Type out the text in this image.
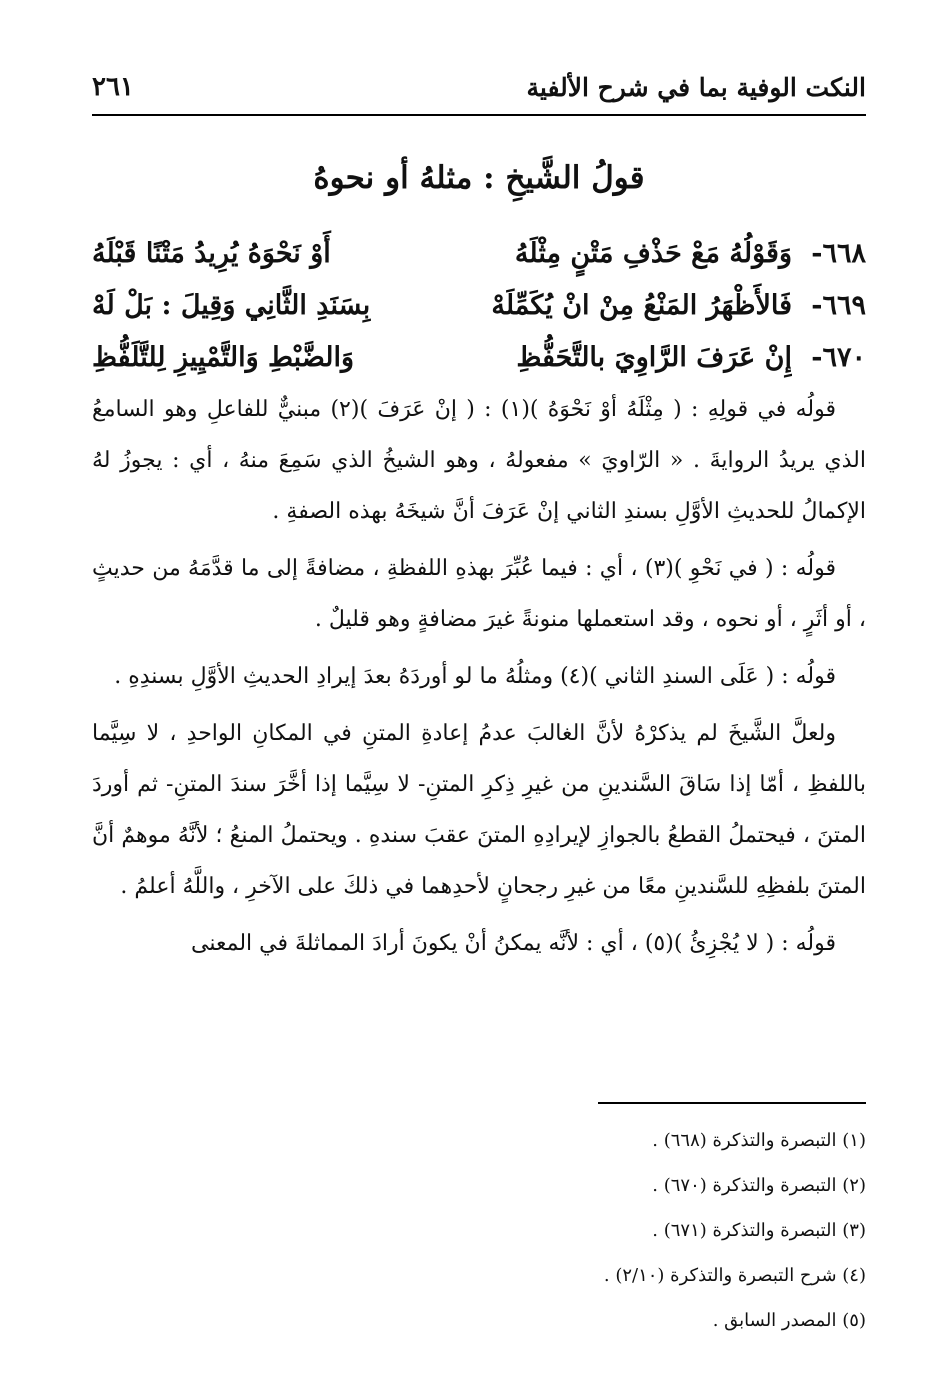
النكت الوفية بما في شرح الألفية
٢٦١
قولُ الشَّيخِ : مثلهُ أو نحوهُ
٦٦٨-
وَقَوْلُهُ مَعْ حَذْفِ مَتْنٍ مِثْلَهُ
أَوْ نَحْوَهُ يُرِيدُ مَتْنًا قَبْلَهُ
٦٦٩-
فَالأَظْهَرُ المَنْعُ مِنْ انْ يُكَمِّلَهْ
بِسَنَدِ الثَّانِي وَقِيلَ : بَلْ لَهْ
٦٧٠-
إِنْ عَرَفَ الرَّاوِيَ بالتَّحَفُّظِ
وَالضَّبْطِ وَالتَّمْيِيزِ لِلتَّلَفُّظِ

قولُه في قولِهِ : ( مِثْلَهُ أوْ نَحْوَهُ )(١) : ( إنْ عَرَفَ )(٢) مبنيٌّ للفاعلِ وهو السامعُ الذي يريدُ الروايةَ . « الرّاويَ » مفعولهُ ، وهو الشيخُ الذي سَمِعَ منهُ ، أي : يجوزُ لهُ الإكمالُ للحديثِ الأوَّلِ بسندِ الثاني إنْ عَرَفَ أنَّ شيخَهُ بهذه الصفةِ .

قولُه : ( في نَحْوِ )(٣) ، أي : فيما عُبِّرَ بهذهِ اللفظةِ ، مضافةً إلى ما قدَّمَهُ من حديثٍ ، أو أثَرٍ ، أو نحوه ، وقد استعملها منونةً غيرَ مضافةٍ وهو قليلٌ .

قولُه : ( عَلَى السندِ الثاني )(٤) ومثلُهُ ما لو أوردَهُ بعدَ إيرادِ الحديثِ الأوَّلِ بسندِهِ .

ولعلَّ الشَّيخَ لم يذكرْهُ لأنَّ الغالبَ عدمُ إعادةِ المتنِ في المكانِ الواحدِ ، لا سِيَّما باللفظِ ، أمّا إذا سَاقَ السَّندينِ من غيرِ ذِكرِ المتنِ- لا سِيَّما إذا أخَّرَ سندَ المتنِ- ثم أوردَ المتنَ ، فيحتملُ القطعُ بالجوازِ لإيرادِهِ المتنَ عقبَ سندهِ . ويحتملُ المنعُ ؛ لأنَّهُ موهمٌ أنَّ المتنَ بلفظِهِ للسَّندينِ معًا من غيرِ رجحانٍ لأحدِهما في ذلكَ على الآخرِ ، واللَّهُ أعلمُ .

قولُه : ( لا يُجْزِئُ )(٥) ، أي : لأنَّه يمكنُ أنْ يكونَ أرادَ المماثلةَ في المعنى

(١) التبصرة والتذكرة (٦٦٨) .
(٢) التبصرة والتذكرة (٦٧٠) .
(٣) التبصرة والتذكرة (٦٧١) .
(٤) شرح التبصرة والتذكرة (٢/١٠) .
(٥) المصدر السابق .
